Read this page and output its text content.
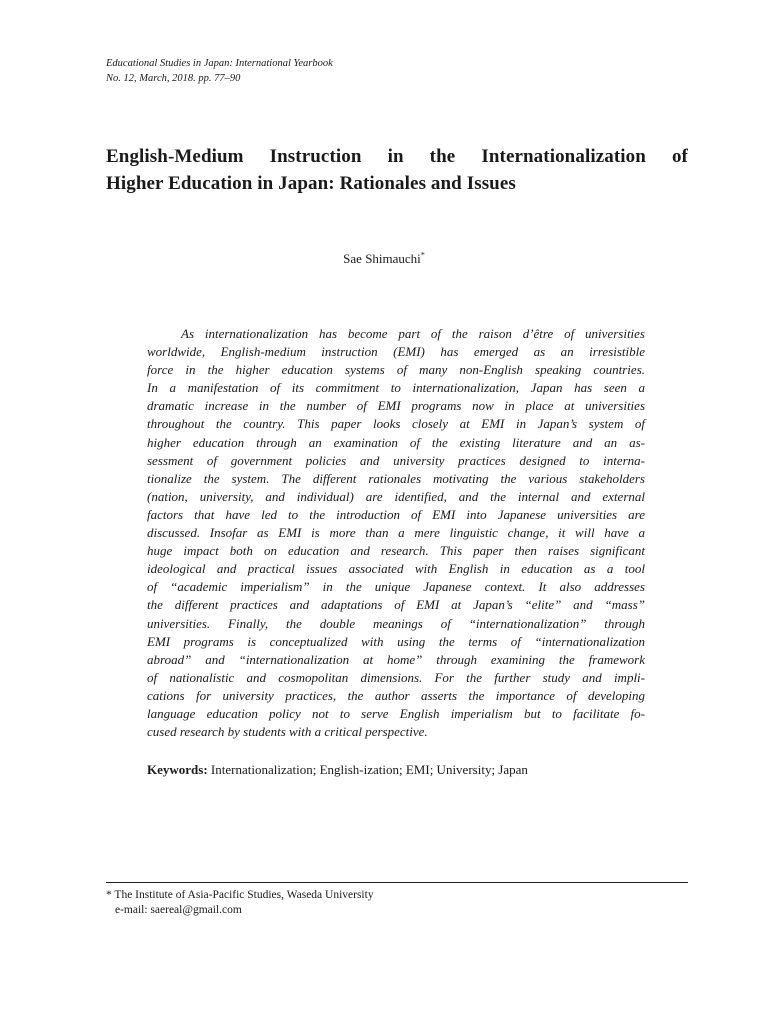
Educational Studies in Japan: International Yearbook
No. 12, March, 2018. pp. 77–90
English-Medium Instruction in the Internationalization of
Higher Education in Japan: Rationales and Issues
Sae Shimauchi*
As internationalization has become part of the raison d’être of universities
worldwide, English-medium instruction (EMI) has emerged as an irresistible
force in the higher education systems of many non-English speaking countries.
In a manifestation of its commitment to internationalization, Japan has seen a
dramatic increase in the number of EMI programs now in place at universities
throughout the country. This paper looks closely at EMI in Japan’s system of
higher education through an examination of the existing literature and an as-
sessment of government policies and university practices designed to interna-
tionalize the system. The different rationales motivating the various stakeholders
(nation, university, and individual) are identified, and the internal and external
factors that have led to the introduction of EMI into Japanese universities are
discussed. Insofar as EMI is more than a mere linguistic change, it will have a
huge impact both on education and research. This paper then raises significant
ideological and practical issues associated with English in education as a tool
of “academic imperialism” in the unique Japanese context. It also addresses
the different practices and adaptations of EMI at Japan’s “elite” and “mass”
universities. Finally, the double meanings of “internationalization” through
EMI programs is conceptualized with using the terms of “internationalization
abroad” and “internationalization at home” through examining the framework
of nationalistic and cosmopolitan dimensions. For the further study and impli-
cations for university practices, the author asserts the importance of developing
language education policy not to serve English imperialism but to facilitate fo-
cused research by students with a critical perspective.
Keywords: Internationalization; English-ization; EMI; University; Japan
* The Institute of Asia-Pacific Studies, Waseda University
e-mail: saereal@gmail.com
